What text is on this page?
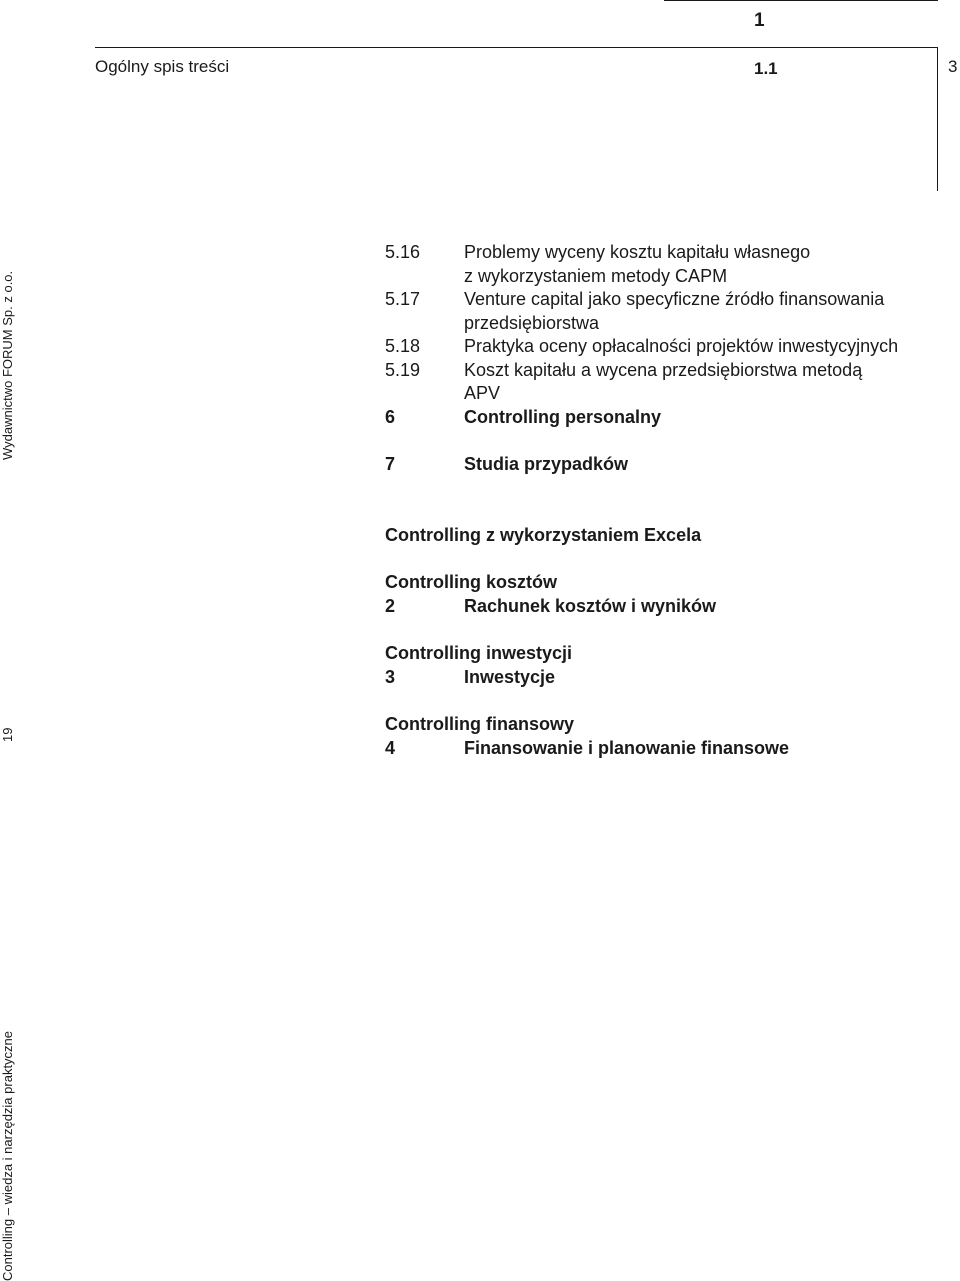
1
Ogólny spis treści	1.1	3
Wydawnictwo FORUM Sp. z o.o.
19
Controlling – wiedza i narzędzia praktyczne
5.16	Problemy wyceny kosztu kapitału własnego
z wykorzystaniem metody CAPM
5.17	Venture capital jako specyficzne źródło finansowania
przedsiębiorstwa
5.18	Praktyka oceny opłacalności projektów inwestycyjnych
5.19	Koszt kapitału a wycena przedsiębiorstwa metodą
APV
6	Controlling personalny
7	Studia przypadków
Controlling z wykorzystaniem Excela
Controlling kosztów
2	Rachunek kosztów i wyników
Controlling inwestycji
3	Inwestycje
Controlling finansowy
4	Finansowanie i planowanie finansowe
